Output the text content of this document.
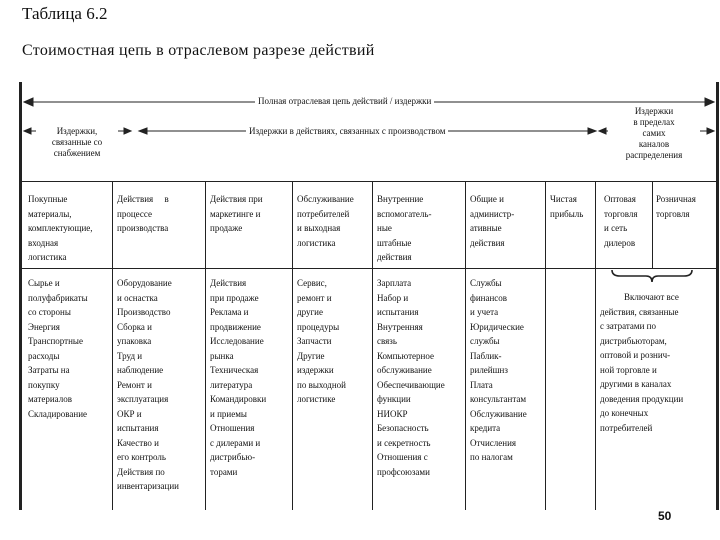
Таблица 6.2
Стоимостная цепь в отраслевом разрезе действий
Полная отраслевая цепь действий / издержки
Издержки
в пределах
самих
каналов
распределения
Издержки,
связанные со
снабжением
Издержки в действиях, связанных с производством
Покупные
материалы,
комплектующие,
входная
логистика
Действия     в
процессе
производства
Действия при
маркетинге и
продаже
Обслуживание
потребителей
и выходная
логистика
Внутренние
вспомогатель-
ные
штабные
действия
Общие и
администр-
ативные
действия
Чистая
прибыль
Оптовая
торговля
и сеть
дилеров
Розничная
торговля
Сырье и
полуфабрикаты
со стороны
Энергия
Транспортные
расходы
Затраты на
покупку
материалов
Складирование
Оборудование
и оснастка
Производство
Сборка и
упаковка
Труд и
наблюдение
Ремонт и
эксплуатация
ОКР и
испытания
Качество и
его контроль
Действия по
инвентаризации
Действия
при продаже
Реклама и
продвижение
Исследование
рынка
Техническая
литература
Командировки
и приемы
Отношения
с дилерами и
дистрибью-
торами
Сервис,
ремонт и
другие
процедуры
Запчасти
Другие
издержки
по выходной
логистике
Зарплата
Набор и
испытания
Внутренняя
связь
Компьютерное
обслуживание
Обеспечивающие
функции
НИОКР
Безопасность
и секретность
Отношения с
профсоюзами
Службы
финансов
и учета
Юридические
службы
Паблик-
рилейшнз
Плата
консультантам
Обслуживание
кредита
Отчисления
по налогам
Включают все
действия, связанные
с затратами по
дистрибьюторам,
оптовой и рознич-
ной торговле и
другими в каналах
доведения продукции
до конечных
потребителей
50
